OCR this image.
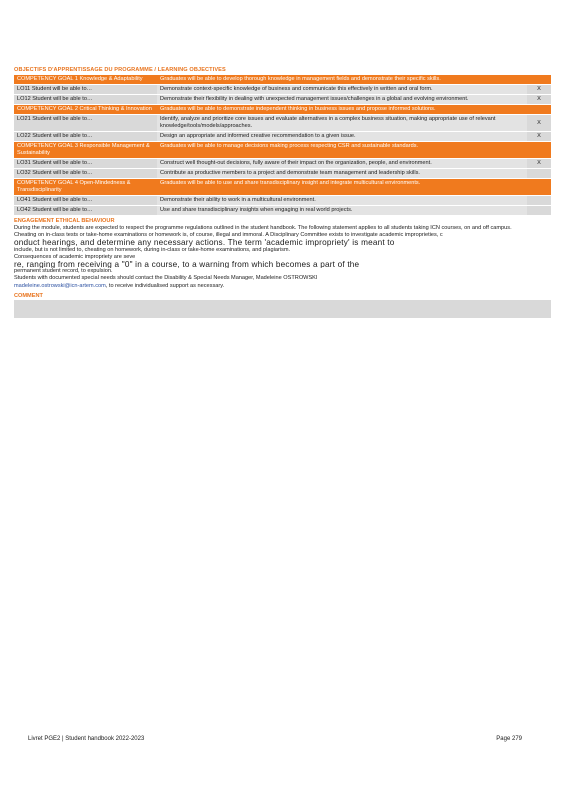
OBJECTIFS D'APPRENTISSAGE DU PROGRAMME / LEARNING OBJECTIVES
COMPETENCY GOAL 1 Knowledge & Adaptability	Graduates will be able to develop thorough knowledge in management fields and demonstrate their specific skills.	
LO11 Student will be able to…	Demonstrate context-specific knowledge of business and communicate this effectively in written and oral form.	X
LO12 Student will be able to…	Demonstrate their flexibility in dealing with unexpected management issues/challenges in a global and evolving environment.	X
COMPETENCY GOAL 2 Critical Thinking & Innovation	Graduates will be able to demonstrate independent thinking in business issues and propose informed solutions.	
LO21 Student will be able to…	Identify, analyze and prioritize core issues and evaluate alternatives in a complex business situation, making appropriate use of relevant knowledge/tools/models/approaches.	X
LO22 Student will be able to…	Design an appropriate and informed creative recommendation to a given issue.	X
COMPETENCY GOAL 3 Responsible Management & Sustainability	Graduates will be able to manage decisions making process respecting CSR and sustainable standards.	
LO31 Student will be able to…	Construct well thought-out decisions, fully aware of their impact on the organization, people, and environment.	X
LO32 Student will be able to…	Contribute as productive members to a project and demonstrate team management and leadership skills.	
COMPETENCY GOAL 4 Open-Mindedness & Transdisciplinarity	Graduates will be able to use and share transdisciplinary insight and integrate multicultural environments.	
LO41 Student will be able to…	Demonstrate their ability to work in a multicultural environment.	
LO42 Student will be able to…	Use and share transdisciplinary insights when engaging in real world projects.	
ENGAGEMENT ETHICAL BEHAVIOUR

During the module, students are expected to respect the programme regulations outlined in the student handbook. The following statement applies to all students taking ICN courses, on and off campus.

Cheating on in-class tests or take-home examinations or homework is, of course, illegal and immoral. A Disciplinary Committee exists to investigate academic improprieties, c

onduct hearings, and determine any necessary actions. The term 'academic impropriety' is meant to

include, but is not limited to, cheating on homework, during in-class or take-home examinations, and plagiarism.

Consequences of academic impropriety are seve

re, ranging from receiving a "0" in a course, to a warning from which becomes a part of the

permanent student record, to expulsion.

Students with documented special needs should contact the Disability & Special Needs Manager, Madeleine OSTROWSKI

madeleine.ostrowski@icn-artem.com, to receive individualised support as necessary.

COMMENT
Livret PGE2 | Student handbook 2022-2023	Page 279
